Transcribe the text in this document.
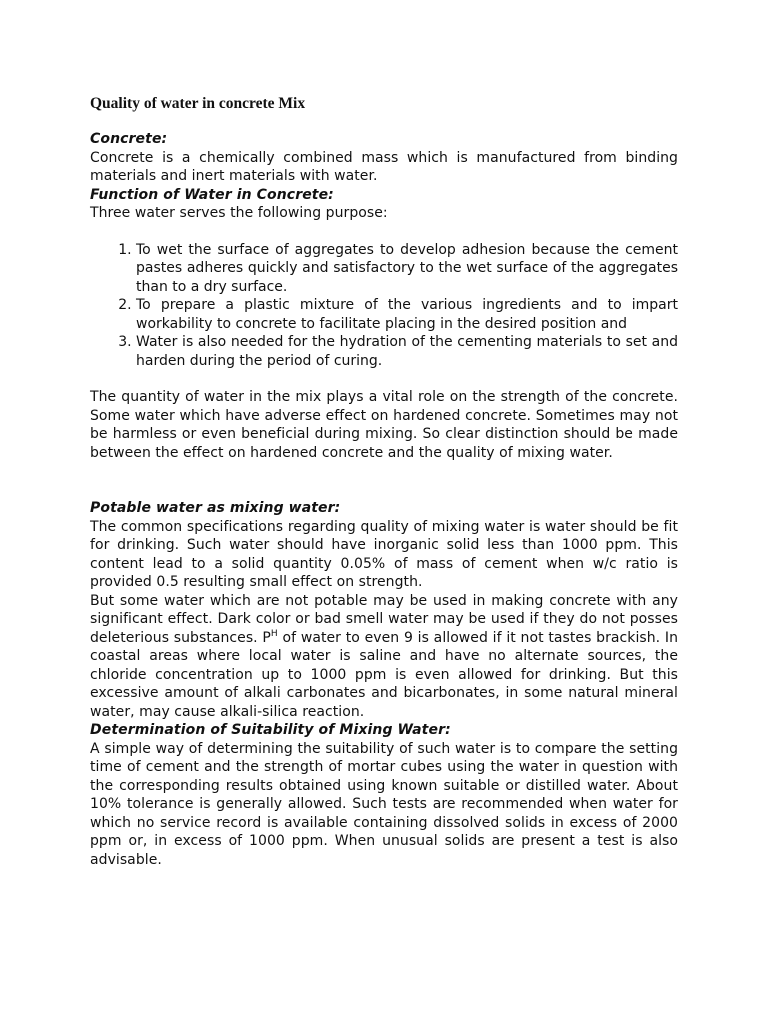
Quality of water in concrete Mix
Concrete:

Concrete is a chemically combined mass which is manufactured from binding materials and inert materials with water.

Function of Water in Concrete:

Three water serves the following purpose:

1. To wet the surface of aggregates to develop adhesion because the cement pastes adheres quickly and satisfactory to the wet surface of the aggregates than to a dry surface.
2. To prepare a plastic mixture of the various ingredients and to impart workability to concrete to facilitate placing in the desired position and
3. Water is also needed for the hydration of the cementing materials to set and harden during the period of curing.

The quantity of water in the mix plays a vital role on the strength of the concrete. Some water which have adverse effect on hardened concrete. Sometimes may not be harmless or even beneficial during mixing. So clear distinction should be made between the effect on hardened concrete and the quality of mixing water.

Potable water as mixing water:

The common specifications regarding quality of mixing water is water should be fit for drinking. Such water should have inorganic solid less than 1000 ppm. This content lead to a solid quantity 0.05% of mass of cement when w/c ratio is provided 0.5 resulting small effect on strength.

But some water which are not potable may be used in making concrete with any significant effect. Dark color or bad smell water may be used if they do not posses deleterious substances. $P^H$ of water to even 9 is allowed if it not tastes brackish. In coastal areas where local water is saline and have no alternate sources, the chloride concentration up to 1000 ppm is even allowed for drinking. But this excessive amount of alkali carbonates and bicarbonates, in some natural mineral water, may cause alkali-silica reaction.

Determination of Suitability of Mixing Water:

A simple way of determining the suitability of such water is to compare the setting time of cement and the strength of mortar cubes using the water in question with the corresponding results obtained using known suitable or distilled water. About 10% tolerance is generally allowed. Such tests are recommended when water for which no service record is available containing dissolved solids in excess of 2000 ppm or, in excess of 1000 ppm. When unusual solids are present a test is also advisable.
